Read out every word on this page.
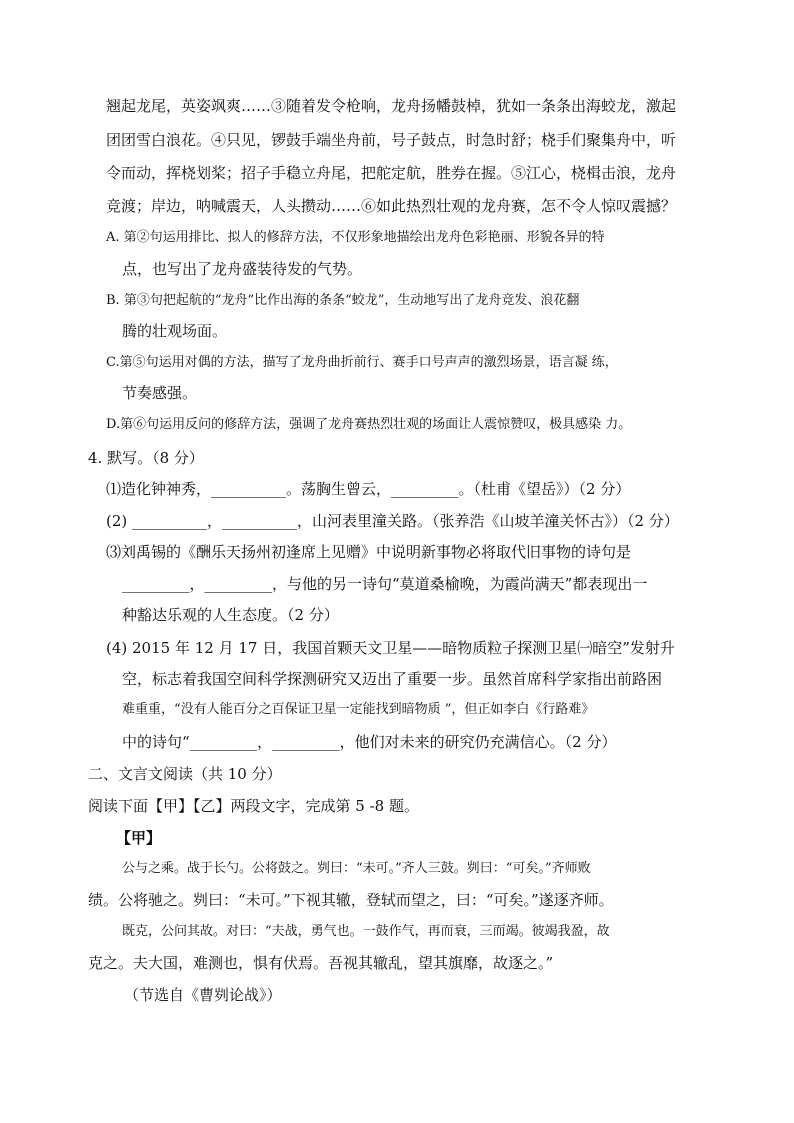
翘起龙尾，英姿飒爽……③随着发令枪响，龙舟扬幡鼓棹，犹如一条条出海蛟龙，激起
团团雪白浪花。④只见，锣鼓手端坐舟前，号子鼓点，时急时舒；桡手们聚集舟中，听
令而动，挥桡划桨；招子手稳立舟尾，把舵定航，胜券在握。⑤江心，桡楫击浪，龙舟
竞渡；岸边，呐喊震天，人头攒动……⑥如此热烈壮观的龙舟赛，怎不令人惊叹震撼？
A. 第②句运用排比、拟人的修辞方法，不仅形象地描绘出龙舟色彩艳丽、形貌各异的特
点，也写出了龙舟盛装待发的气势。
B. 第③句把起航的“龙舟”比作出海的条条“蛟龙”，生动地写出了龙舟竞发、浪花翻
腾的壮观场面。
C.第⑤句运用对偶的方法，描写了龙舟曲折前行、赛手口号声声的激烈场景，语言凝 练，
节奏感强。
D.第⑥句运用反问的修辞方法，强调了龙舟赛热烈壮观的场面让人震惊赞叹，极具感染 力。
4. 默写。（8 分）
⑴造化钟神秀，__________。荡胸生曾云，_________。（杜甫《望岳》）（2 分）
(2) __________，__________，山河表里潼关路。（张养浩《山坡羊潼关怀古》）（2 分）
⑶刘禹锡的《酬乐天扬州初逢席上见赠》中说明新事物必将取代旧事物的诗句是
_________，_________，与他的另一诗句“莫道桑榆晚，为霞尚满天”都表现出一
种豁达乐观的人生态度。（2 分）
(4) 2015 年 12 月 17 日，我国首颗天文卫星——暗物质粒子探测卫星㈠暗空”发射升
空，标志着我国空间科学探测研究又迈出了重要一步。虽然首席科学家指出前路困
难重重，“没有人能百分之百保证卫星一定能找到暗物质 ”，但正如李白《行路难》
中的诗句“_________，_________，他们对未来的研究仍充满信心。（2 分）
二、文言文阅读（共 10 分）
阅读下面【甲】【乙】两段文字，完成第 5 -8 题。
【甲】
公与之乘。战于长勺。公将鼓之。刿曰：“未可。”齐人三鼓。刿曰：“可矣。”齐师败
绩。公将驰之。刿曰：“未可。”下视其辙，登轼而望之，曰：“可矣。”遂逐齐师。
既克，公问其故。对曰：“夫战，勇气也。一鼓作气，再而衰，三而竭。彼竭我盈，故
克之。夫大国，难测也，惧有伏焉。吾视其辙乱，望其旗靡，故逐之。”
（节选自《曹刿论战》）
